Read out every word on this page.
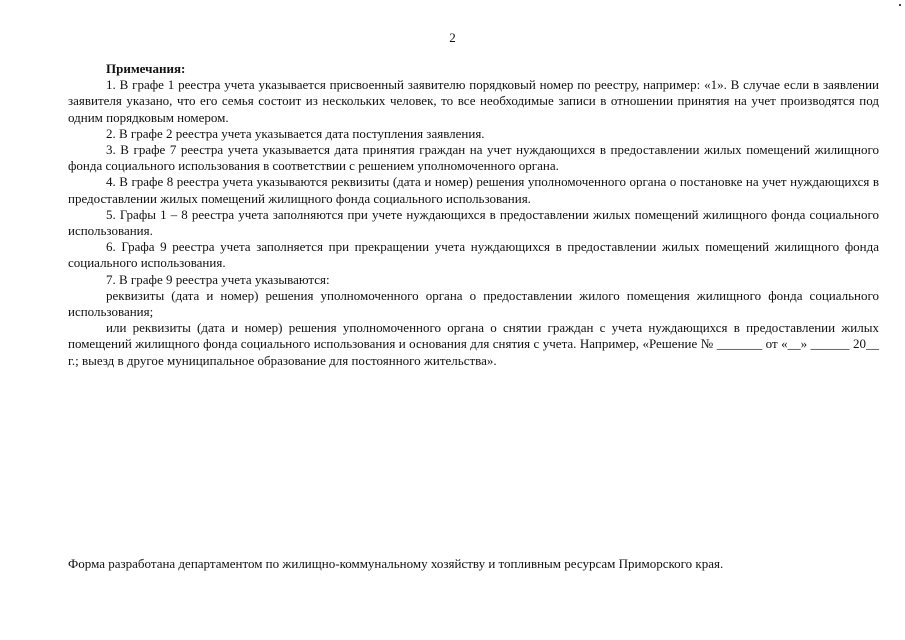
2

Примечания:

1. В графе 1 реестра учета указывается присвоенный заявителю порядковый номер по реестру, например: «1». В случае если в заявлении заявителя указано, что его семья состоит из нескольких человек, то все необходимые записи в отношении принятия на учет производятся под одним порядковым номером.

2. В графе 2 реестра учета указывается дата поступления заявления.

3. В графе 7 реестра учета указывается дата принятия граждан на учет нуждающихся в предоставлении жилых помещений жилищного фонда социального использования в соответствии с решением уполномоченного органа.

4. В графе 8 реестра учета указываются реквизиты (дата и номер) решения уполномоченного органа о постановке на учет нуждающихся в предоставлении жилых помещений жилищного фонда социального использования.

5. Графы 1 – 8 реестра учета заполняются при учете нуждающихся в предоставлении жилых помещений жилищного фонда социального использования.

6. Графа 9 реестра учета заполняется при прекращении учета нуждающихся в предоставлении жилых помещений жилищного фонда социального использования.

7. В графе 9 реестра учета указываются:

реквизиты (дата и номер) решения уполномоченного органа о предоставлении жилого помещения жилищного фонда социального использования;

или реквизиты (дата и номер) решения уполномоченного органа о снятии граждан с учета нуждающихся в предоставлении жилых помещений жилищного фонда социального использования и основания для снятия с учета. Например, «Решение № _______ от «__» ______ 20__ г.; выезд в другое муниципальное образование для постоянного жительства».

Форма разработана департаментом по жилищно-коммунальному хозяйству и топливным ресурсам Приморского края.
